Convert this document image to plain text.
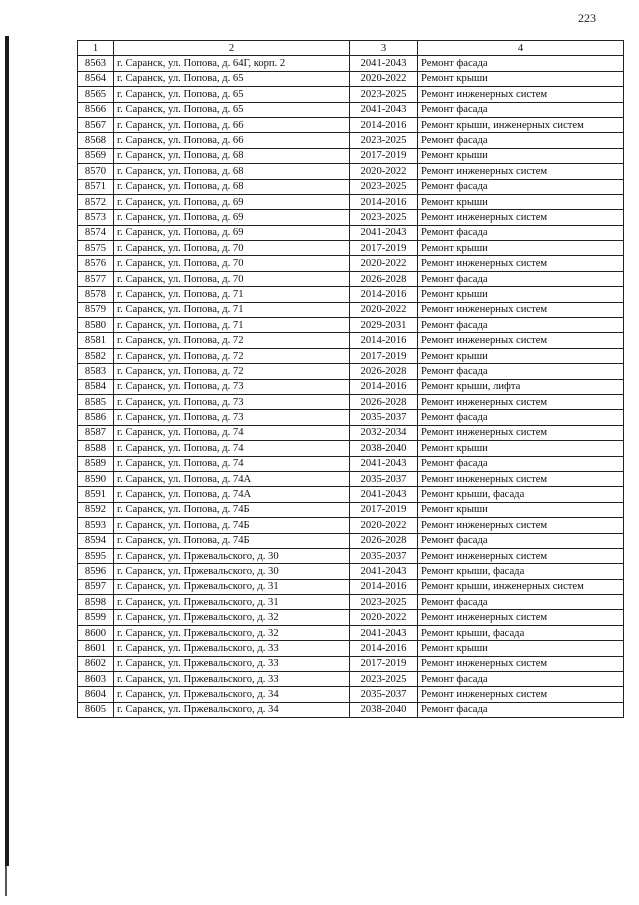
223
1	2	3	4
8563	г. Саранск, ул. Попова, д. 64Г, корп. 2	2041-2043	Ремонт фасада
8564	г. Саранск, ул. Попова, д. 65	2020-2022	Ремонт крыши
8565	г. Саранск, ул. Попова, д. 65	2023-2025	Ремонт инженерных систем
8566	г. Саранск, ул. Попова, д. 65	2041-2043	Ремонт фасада
8567	г. Саранск, ул. Попова, д. 66	2014-2016	Ремонт крыши, инженерных систем
8568	г. Саранск, ул. Попова, д. 66	2023-2025	Ремонт фасада
8569	г. Саранск, ул. Попова, д. 68	2017-2019	Ремонт крыши
8570	г. Саранск, ул. Попова, д. 68	2020-2022	Ремонт инженерных систем
8571	г. Саранск, ул. Попова, д. 68	2023-2025	Ремонт фасада
8572	г. Саранск, ул. Попова, д. 69	2014-2016	Ремонт крыши
8573	г. Саранск, ул. Попова, д. 69	2023-2025	Ремонт инженерных систем
8574	г. Саранск, ул. Попова, д. 69	2041-2043	Ремонт фасада
8575	г. Саранск, ул. Попова, д. 70	2017-2019	Ремонт крыши
8576	г. Саранск, ул. Попова, д. 70	2020-2022	Ремонт инженерных систем
8577	г. Саранск, ул. Попова, д. 70	2026-2028	Ремонт фасада
8578	г. Саранск, ул. Попова, д. 71	2014-2016	Ремонт крыши
8579	г. Саранск, ул. Попова, д. 71	2020-2022	Ремонт инженерных систем
8580	г. Саранск, ул. Попова, д. 71	2029-2031	Ремонт фасада
8581	г. Саранск, ул. Попова, д. 72	2014-2016	Ремонт инженерных систем
8582	г. Саранск, ул. Попова, д. 72	2017-2019	Ремонт крыши
8583	г. Саранск, ул. Попова, д. 72	2026-2028	Ремонт фасада
8584	г. Саранск, ул. Попова, д. 73	2014-2016	Ремонт крыши, лифта
8585	г. Саранск, ул. Попова, д. 73	2026-2028	Ремонт инженерных систем
8586	г. Саранск, ул. Попова, д. 73	2035-2037	Ремонт фасада
8587	г. Саранск, ул. Попова, д. 74	2032-2034	Ремонт инженерных систем
8588	г. Саранск, ул. Попова, д. 74	2038-2040	Ремонт крыши
8589	г. Саранск, ул. Попова, д. 74	2041-2043	Ремонт фасада
8590	г. Саранск, ул. Попова, д. 74А	2035-2037	Ремонт инженерных систем
8591	г. Саранск, ул. Попова, д. 74А	2041-2043	Ремонт крыши, фасада
8592	г. Саранск, ул. Попова, д. 74Б	2017-2019	Ремонт крыши
8593	г. Саранск, ул. Попова, д. 74Б	2020-2022	Ремонт инженерных систем
8594	г. Саранск, ул. Попова, д. 74Б	2026-2028	Ремонт фасада
8595	г. Саранск, ул. Пржевальского, д. 30	2035-2037	Ремонт инженерных систем
8596	г. Саранск, ул. Пржевальского, д. 30	2041-2043	Ремонт крыши, фасада
8597	г. Саранск, ул. Пржевальского, д. 31	2014-2016	Ремонт крыши, инженерных систем
8598	г. Саранск, ул. Пржевальского, д. 31	2023-2025	Ремонт фасада
8599	г. Саранск, ул. Пржевальского, д. 32	2020-2022	Ремонт инженерных систем
8600	г. Саранск, ул. Пржевальского, д. 32	2041-2043	Ремонт крыши, фасада
8601	г. Саранск, ул. Пржевальского, д. 33	2014-2016	Ремонт крыши
8602	г. Саранск, ул. Пржевальского, д. 33	2017-2019	Ремонт инженерных систем
8603	г. Саранск, ул. Пржевальского, д. 33	2023-2025	Ремонт фасада
8604	г. Саранск, ул. Пржевальского, д. 34	2035-2037	Ремонт инженерных систем
8605	г. Саранск, ул. Пржевальского, д. 34	2038-2040	Ремонт фасада
